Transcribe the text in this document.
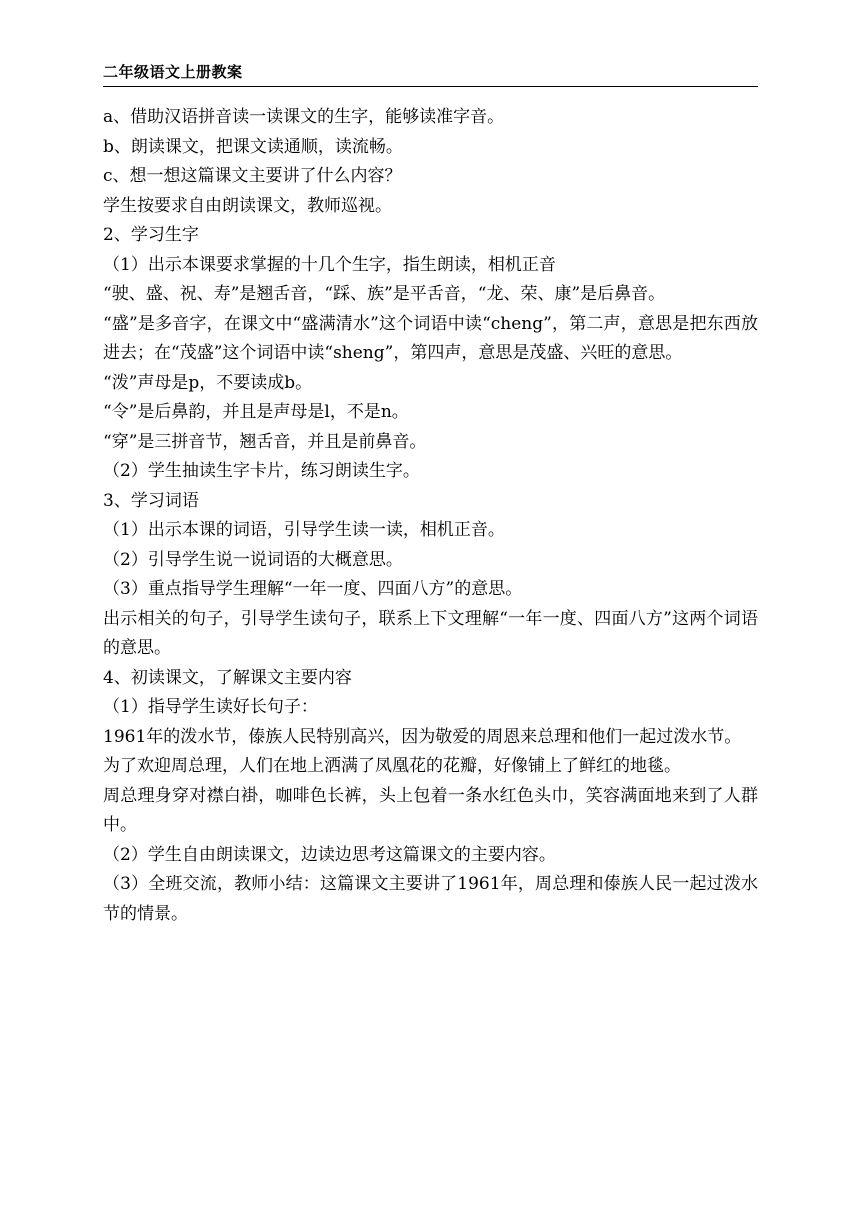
二年级语文上册教案

a、借助汉语拼音读一读课文的生字，能够读准字音。

b、朗读课文，把课文读通顺，读流畅。

c、想一想这篇课文主要讲了什么内容？

学生按要求自由朗读课文，教师巡视。

2、学习生字

（1）出示本课要求掌握的十几个生字，指生朗读，相机正音

“驶、盛、祝、寿”是翘舌音，“踩、族”是平舌音，“龙、荣、康”是后鼻音。

“盛”是多音字，在课文中“盛满清水”这个词语中读“cheng”，第二声，意思是把东西放进去；在“茂盛”这个词语中读“sheng”，第四声，意思是茂盛、兴旺的意思。

“泼”声母是p，不要读成b。

“令”是后鼻韵，并且是声母是l，不是n。

“穿”是三拼音节，翘舌音，并且是前鼻音。

（2）学生抽读生字卡片，练习朗读生字。

3、学习词语

（1）出示本课的词语，引导学生读一读，相机正音。

（2）引导学生说一说词语的大概意思。

（3）重点指导学生理解“一年一度、四面八方”的意思。

出示相关的句子，引导学生读句子，联系上下文理解“一年一度、四面八方”这两个词语的意思。

4、初读课文，了解课文主要内容

（1）指导学生读好长句子：

1961年的泼水节，傣族人民特别高兴，因为敬爱的周恩来总理和他们一起过泼水节。

为了欢迎周总理，人们在地上洒满了凤凰花的花瓣，好像铺上了鲜红的地毯。

周总理身穿对襟白褂，咖啡色长裤，头上包着一条水红色头巾，笑容满面地来到了人群中。

（2）学生自由朗读课文，边读边思考这篇课文的主要内容。

（3）全班交流，教师小结：这篇课文主要讲了1961年，周总理和傣族人民一起过泼水节的情景。
